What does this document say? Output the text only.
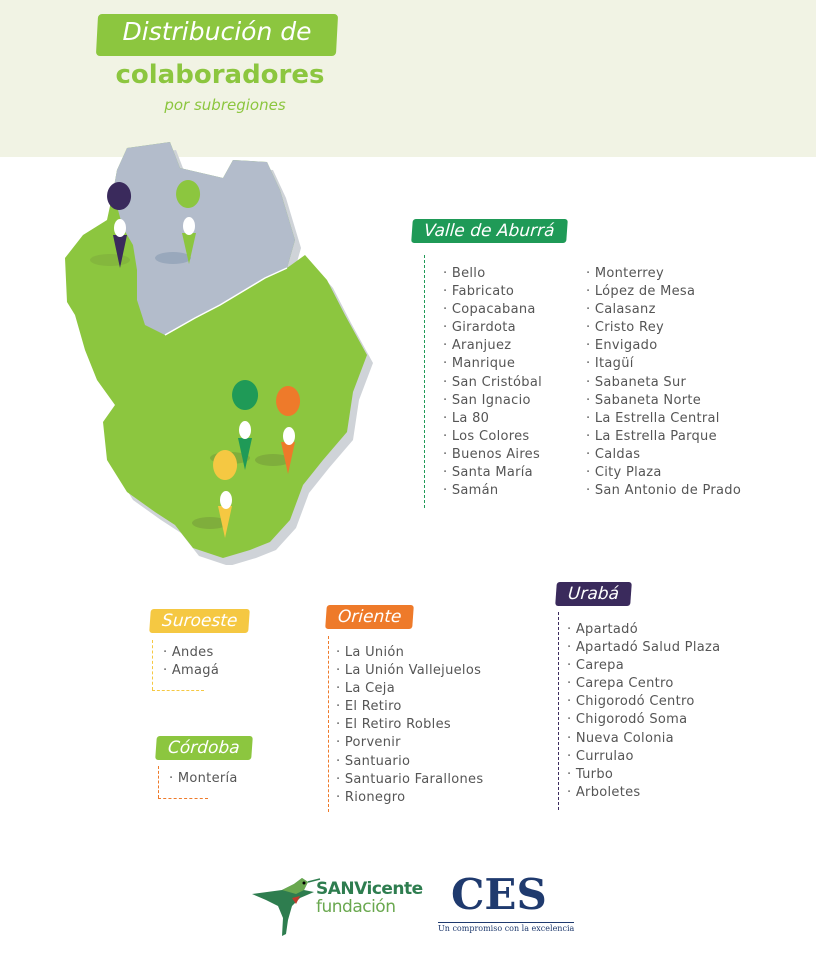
Distribución de
colaboradores
por subregiones
Valle de Aburrá
· Bello
· Fabricato
· Copacabana
· Girardota
· Aranjuez
· Manrique
· San Cristóbal
· San Ignacio
· La 80
· Los Colores
· Buenos Aires
· Santa María
· Samán
· Monterrey
· López de Mesa
· Calasanz
· Cristo Rey
· Envigado
· Itagüí
· Sabaneta Sur
· Sabaneta Norte
· La Estrella Central
· La Estrella Parque
· Caldas
· City Plaza
· San Antonio de Prado
Suroeste
· Andes
· Amagá
Córdoba
· Montería
Oriente
· La Unión
· La Unión Vallejuelos
· La Ceja
· El Retiro
· El Retiro Robles
· Porvenir
· Santuario
· Santuario Farallones
· Rionegro
Urabá
· Apartadó
· Apartadó Salud Plaza
· Carepa
· Carepa Centro
· Chigorodó Centro
· Chigorodó Soma
· Nueva Colonia
· Currulao
· Turbo
· Arboletes
SANVicente
fundación	CES
Un compromiso con la excelencia
